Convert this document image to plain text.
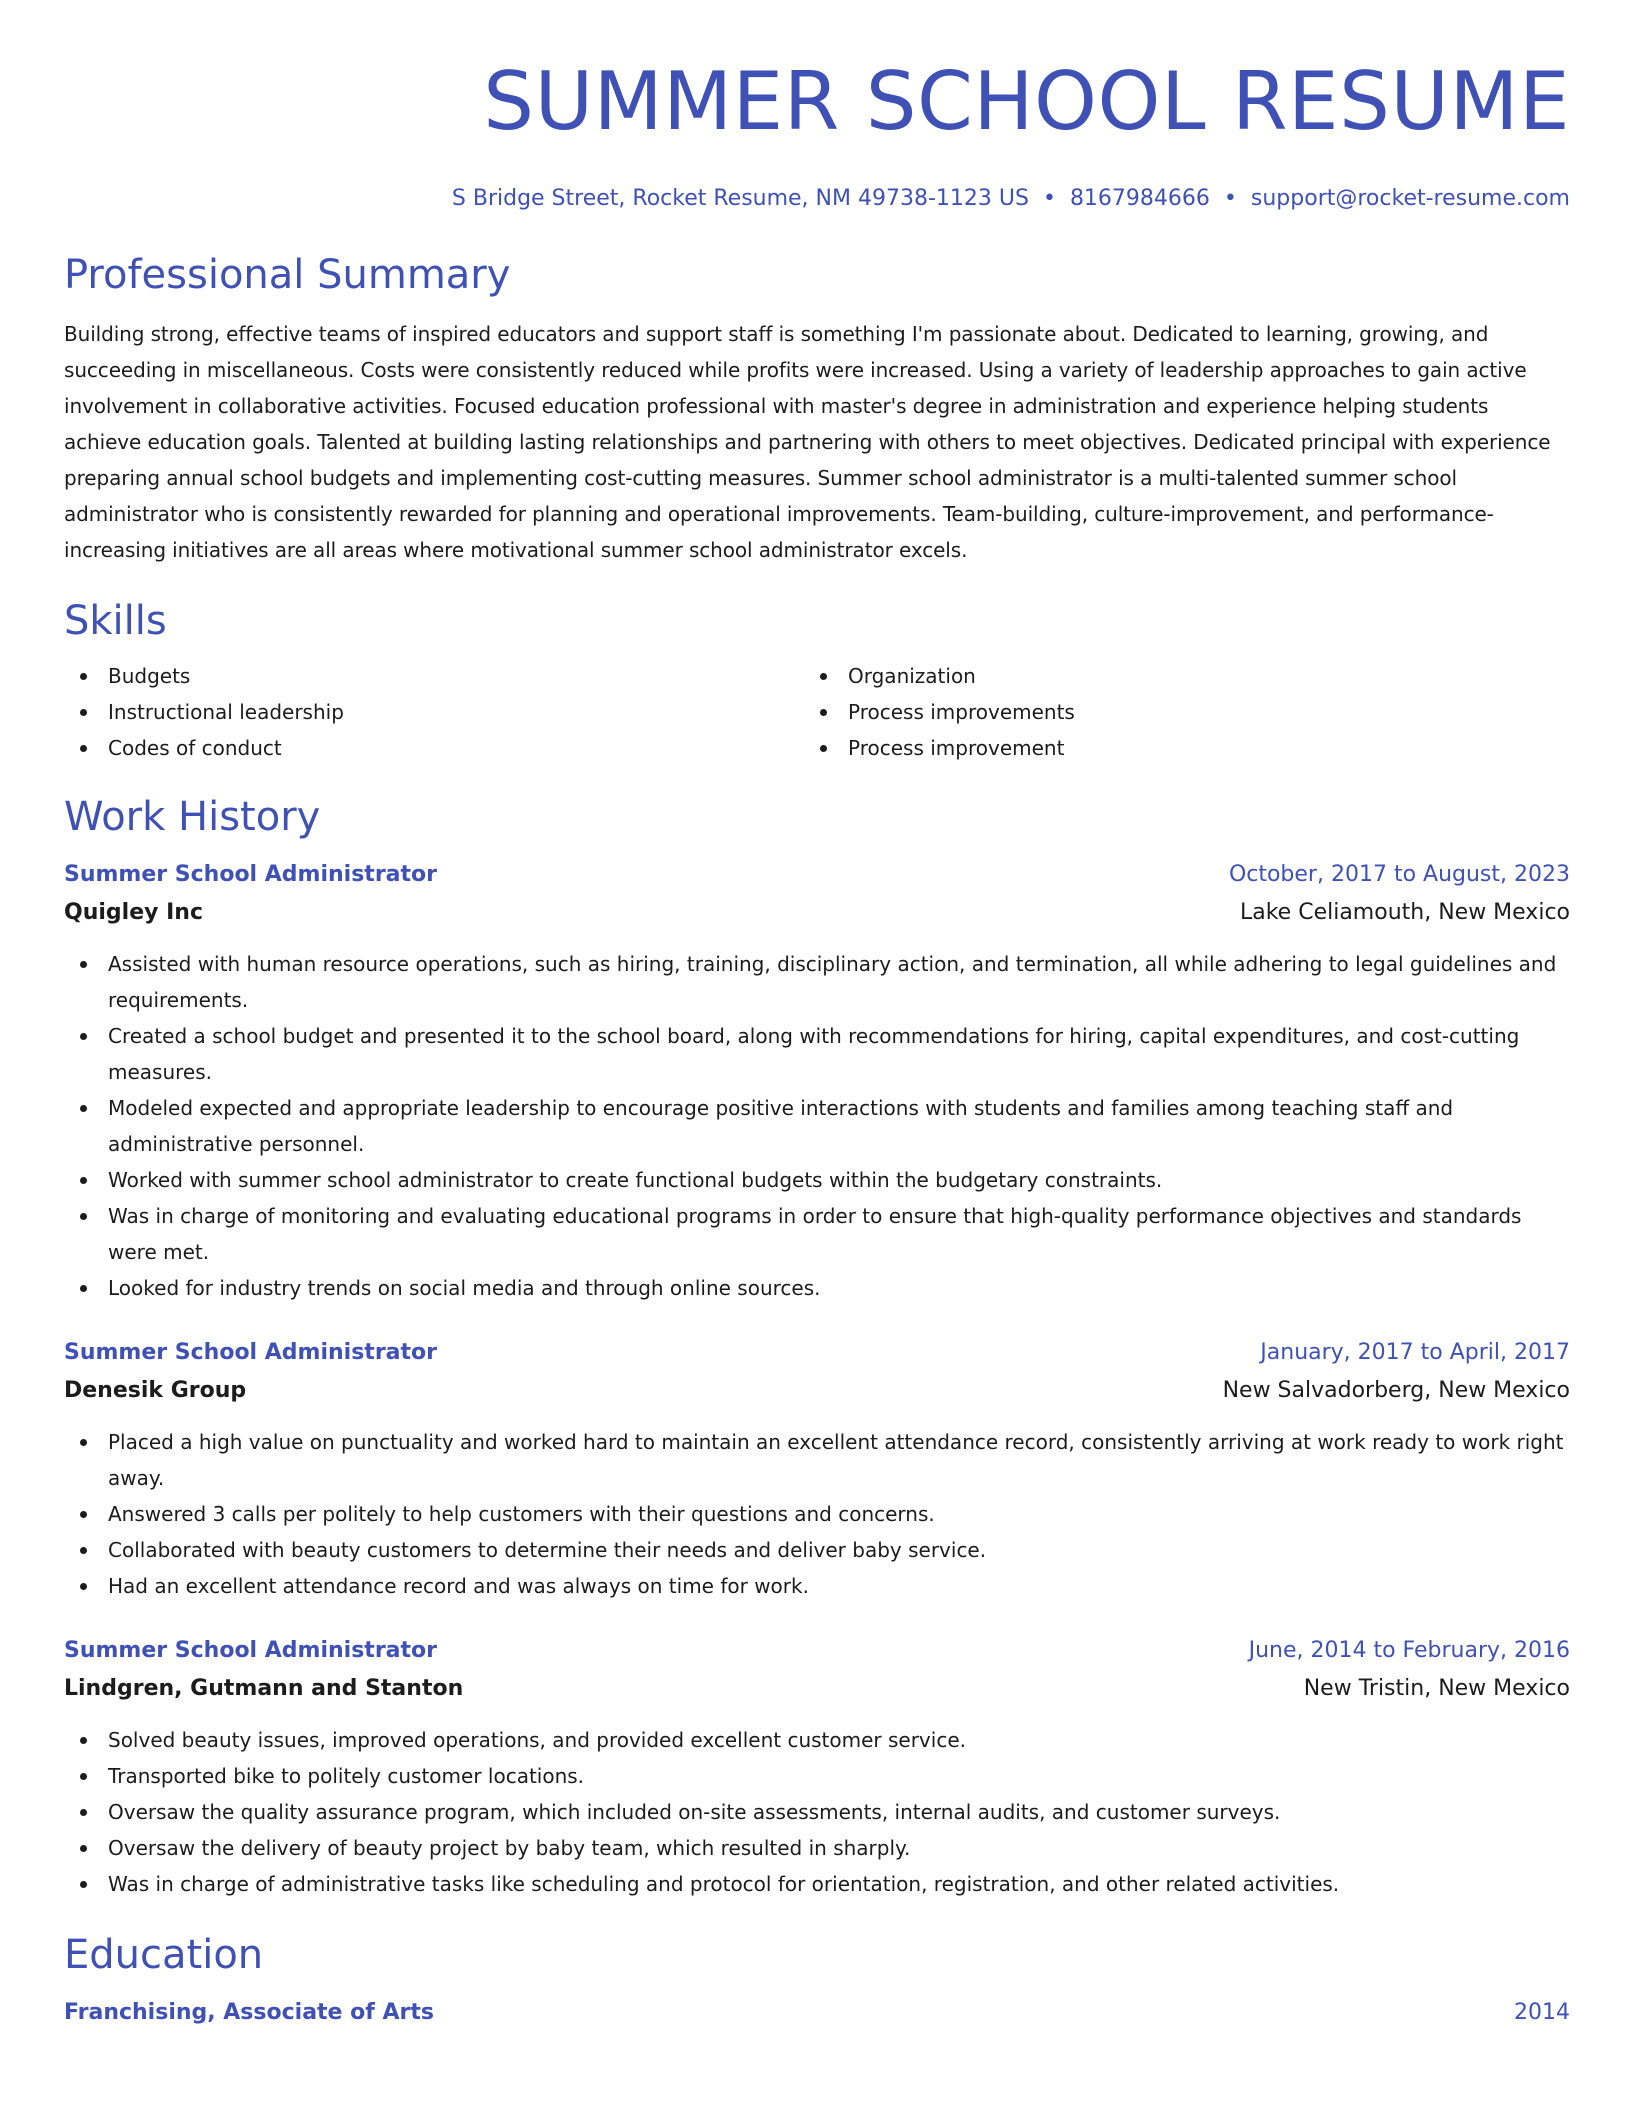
SUMMER SCHOOL RESUME
S Bridge Street, Rocket Resume, NM 49738-1123 US • 8167984666 • support@rocket-resume.com
Professional Summary
Building strong, effective teams of inspired educators and support staff is something I'm passionate about. Dedicated to learning, growing, and succeeding in miscellaneous. Costs were consistently reduced while profits were increased. Using a variety of leadership approaches to gain active involvement in collaborative activities. Focused education professional with master's degree in administration and experience helping students achieve education goals. Talented at building lasting relationships and partnering with others to meet objectives. Dedicated principal with experience preparing annual school budgets and implementing cost-cutting measures. Summer school administrator is a multi-talented summer school administrator who is consistently rewarded for planning and operational improvements. Team-building, culture-improvement, and performance-increasing initiatives are all areas where motivational summer school administrator excels.
Skills
Budgets
Instructional leadership
Codes of conduct
Organization
Process improvements
Process improvement
Work History
Summer School Administrator	October, 2017 to August, 2023
Quigley Inc	Lake Celiamouth, New Mexico
Assisted with human resource operations, such as hiring, training, disciplinary action, and termination, all while adhering to legal guidelines and requirements.
Created a school budget and presented it to the school board, along with recommendations for hiring, capital expenditures, and cost-cutting measures.
Modeled expected and appropriate leadership to encourage positive interactions with students and families among teaching staff and administrative personnel.
Worked with summer school administrator to create functional budgets within the budgetary constraints.
Was in charge of monitoring and evaluating educational programs in order to ensure that high-quality performance objectives and standards were met.
Looked for industry trends on social media and through online sources.
Summer School Administrator	January, 2017 to April, 2017
Denesik Group	New Salvadorberg, New Mexico
Placed a high value on punctuality and worked hard to maintain an excellent attendance record, consistently arriving at work ready to work right away.
Answered 3 calls per politely to help customers with their questions and concerns.
Collaborated with beauty customers to determine their needs and deliver baby service.
Had an excellent attendance record and was always on time for work.
Summer School Administrator	June, 2014 to February, 2016
Lindgren, Gutmann and Stanton	New Tristin, New Mexico
Solved beauty issues, improved operations, and provided excellent customer service.
Transported bike to politely customer locations.
Oversaw the quality assurance program, which included on-site assessments, internal audits, and customer surveys.
Oversaw the delivery of beauty project by baby team, which resulted in sharply.
Was in charge of administrative tasks like scheduling and protocol for orientation, registration, and other related activities.
Education
Franchising, Associate of Arts	2014
